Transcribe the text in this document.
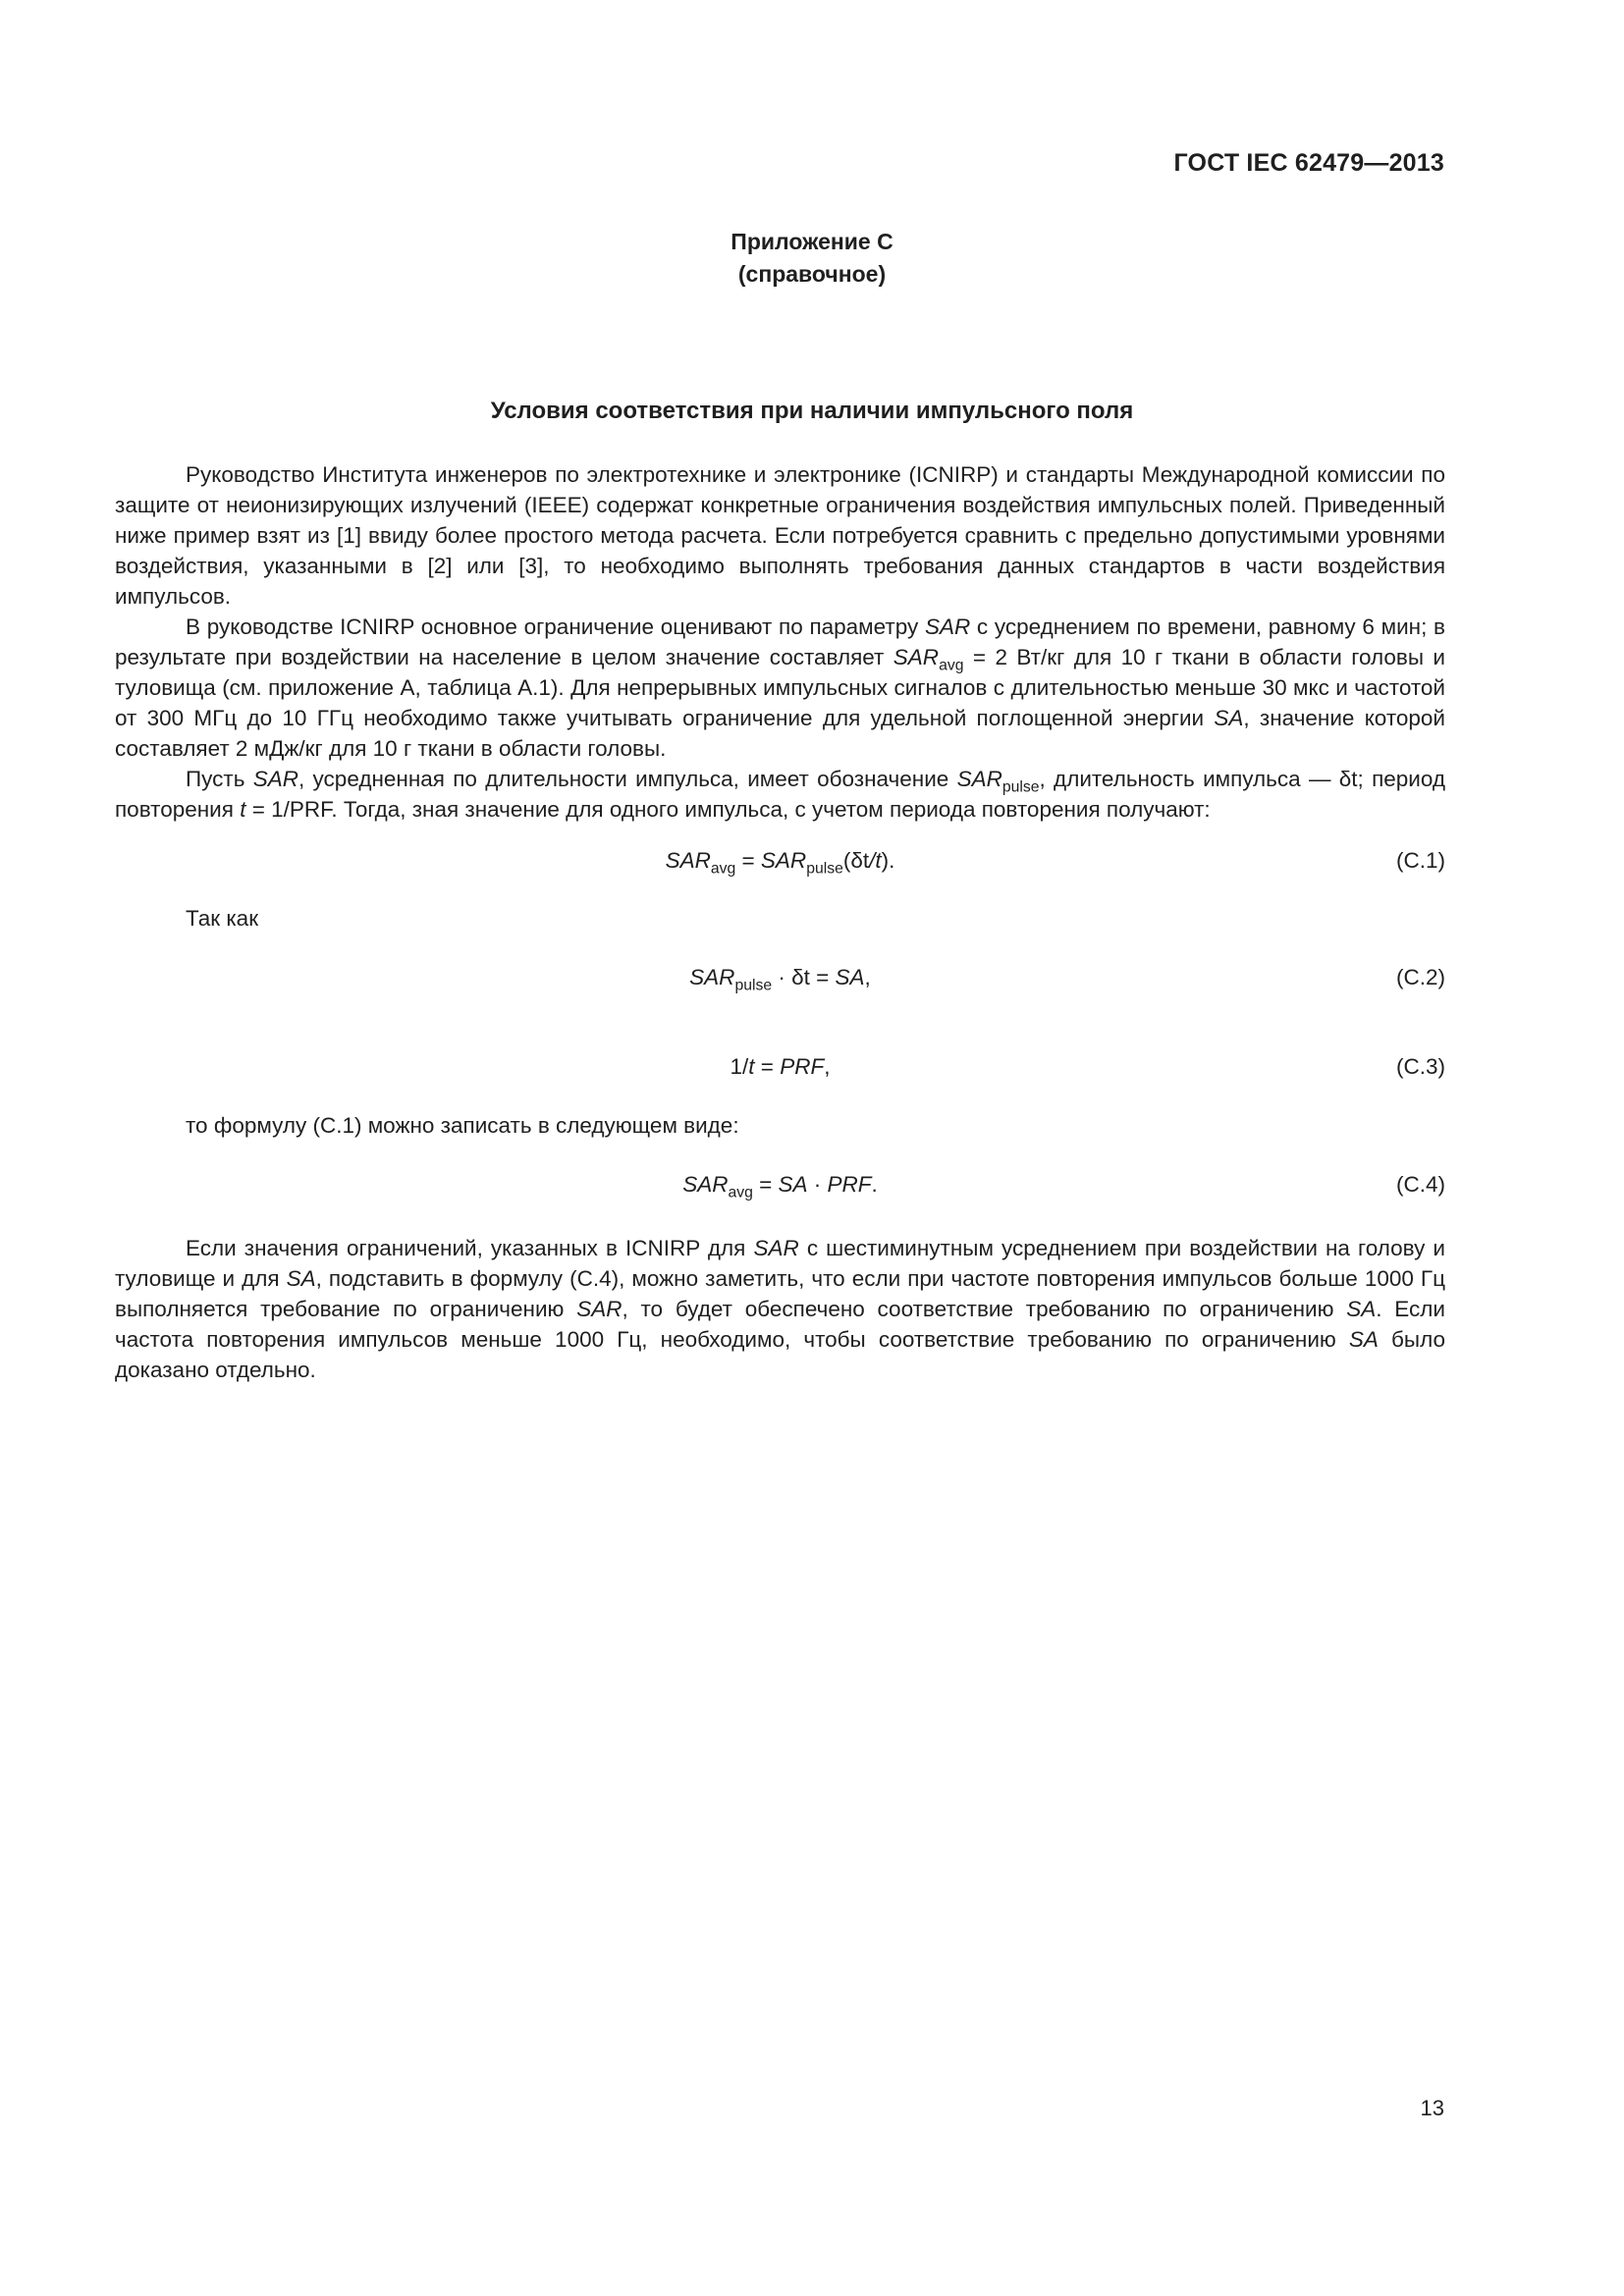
ГОСТ IEC 62479—2013
Приложение С
(справочное)
Условия соответствия при наличии импульсного поля

Руководство Института инженеров по электротехнике и электронике (ICNIRP) и стандарты Международной комиссии по защите от неионизирующих излучений (IEEE) содержат конкретные ограничения воздействия импульсных полей. Приведенный ниже пример взят из [1] ввиду более простого метода расчета. Если потребуется сравнить с предельно допустимыми уровнями воздействия, указанными в [2] или [3], то необходимо выполнять требования данных стандартов в части воздействия импульсов.

В руководстве ICNIRP основное ограничение оценивают по параметру SAR с усреднением по времени, равному 6 мин; в результате при воздействии на население в целом значение составляет $SAR_{avg} = 2$ Вт/кг для 10 г ткани в области головы и туловища (см. приложение А, таблица А.1). Для непрерывных импульсных сигналов с длительностью меньше 30 мкс и частотой от 300 МГц до 10 ГГц необходимо также учитывать ограничение для удельной поглощенной энергии SA, значение которой составляет 2 мДж/кг для 10 г ткани в области головы.

Пусть SAR, усредненная по длительности импульса, имеет обозначение $SAR_{pulse}$, длительность импульса — δt; период повторения t = 1/PRF. Тогда, зная значение для одного импульса, с учетом периода повторения получают:

$SAR_{avg} = SAR_{pulse}(\delta t/t)$.	(С.1)

Так как

$SAR_{pulse} \cdot \delta t$ = SA,	(С.2)
1/t = PRF,	(С.3)

то формулу (С.1) можно записать в следующем виде:

$SAR_{avg}$ = SA · PRF.	(С.4)

Если значения ограничений, указанных в ICNIRP для SAR с шестиминутным усреднением при воздействии на голову и туловище и для SA, подставить в формулу (С.4), можно заметить, что если при частоте повторения импульсов больше 1000 Гц выполняется требование по ограничению SAR, то будет обеспечено соответствие требованию по ограничению SA. Если частота повторения импульсов меньше 1000 Гц, необходимо, чтобы соответствие требованию по ограничению SA было доказано отдельно.

13
